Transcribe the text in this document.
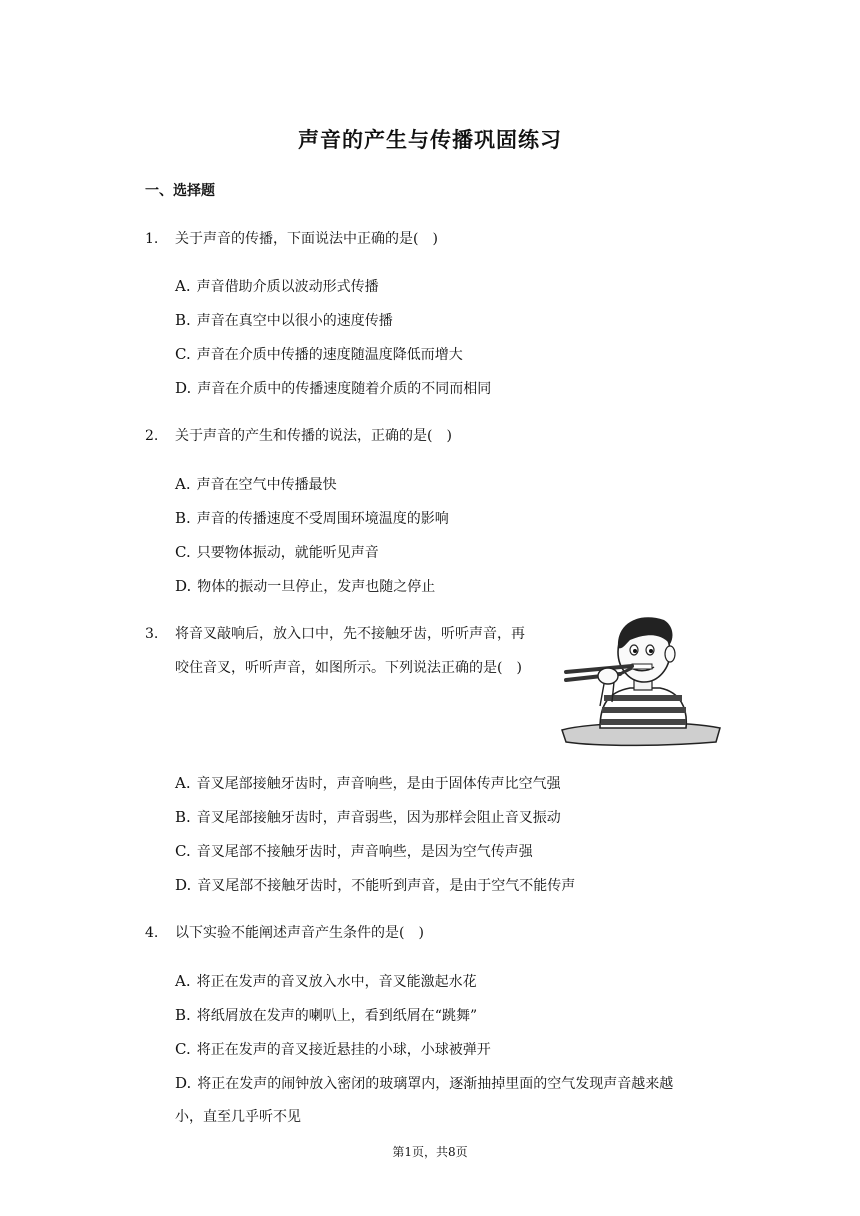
声音的产生与传播巩固练习
一、选择题
1.	关于声音的传播，下面说法中正确的是(　)
A. 声音借助介质以波动形式传播
B. 声音在真空中以很小的速度传播
C. 声音在介质中传播的速度随温度降低而增大
D. 声音在介质中的传播速度随着介质的不同而相同
2.	关于声音的产生和传播的说法，正确的是(　)
A. 声音在空气中传播最快
B. 声音的传播速度不受周围环境温度的影响
C. 只要物体振动，就能听见声音
D. 物体的振动一旦停止，发声也随之停止
3.	将音叉敲响后，放入口中，先不接触牙齿，听听声音，再
咬住音叉，听听声音，如图所示。下列说法正确的是(　)
A. 音叉尾部接触牙齿时，声音响些，是由于固体传声比空气强
B. 音叉尾部接触牙齿时，声音弱些，因为那样会阻止音叉振动
C. 音叉尾部不接触牙齿时，声音响些，是因为空气传声强
D. 音叉尾部不接触牙齿时，不能听到声音，是由于空气不能传声
4.	以下实验不能阐述声音产生条件的是(　)
A. 将正在发声的音叉放入水中，音叉能激起水花
B. 将纸屑放在发声的喇叭上，看到纸屑在“跳舞”
C. 将正在发声的音叉接近悬挂的小球，小球被弹开
D. 将正在发声的闹钟放入密闭的玻璃罩内，逐渐抽掉里面的空气发现声音越来越
小，直至几乎听不见
第1页，共8页
